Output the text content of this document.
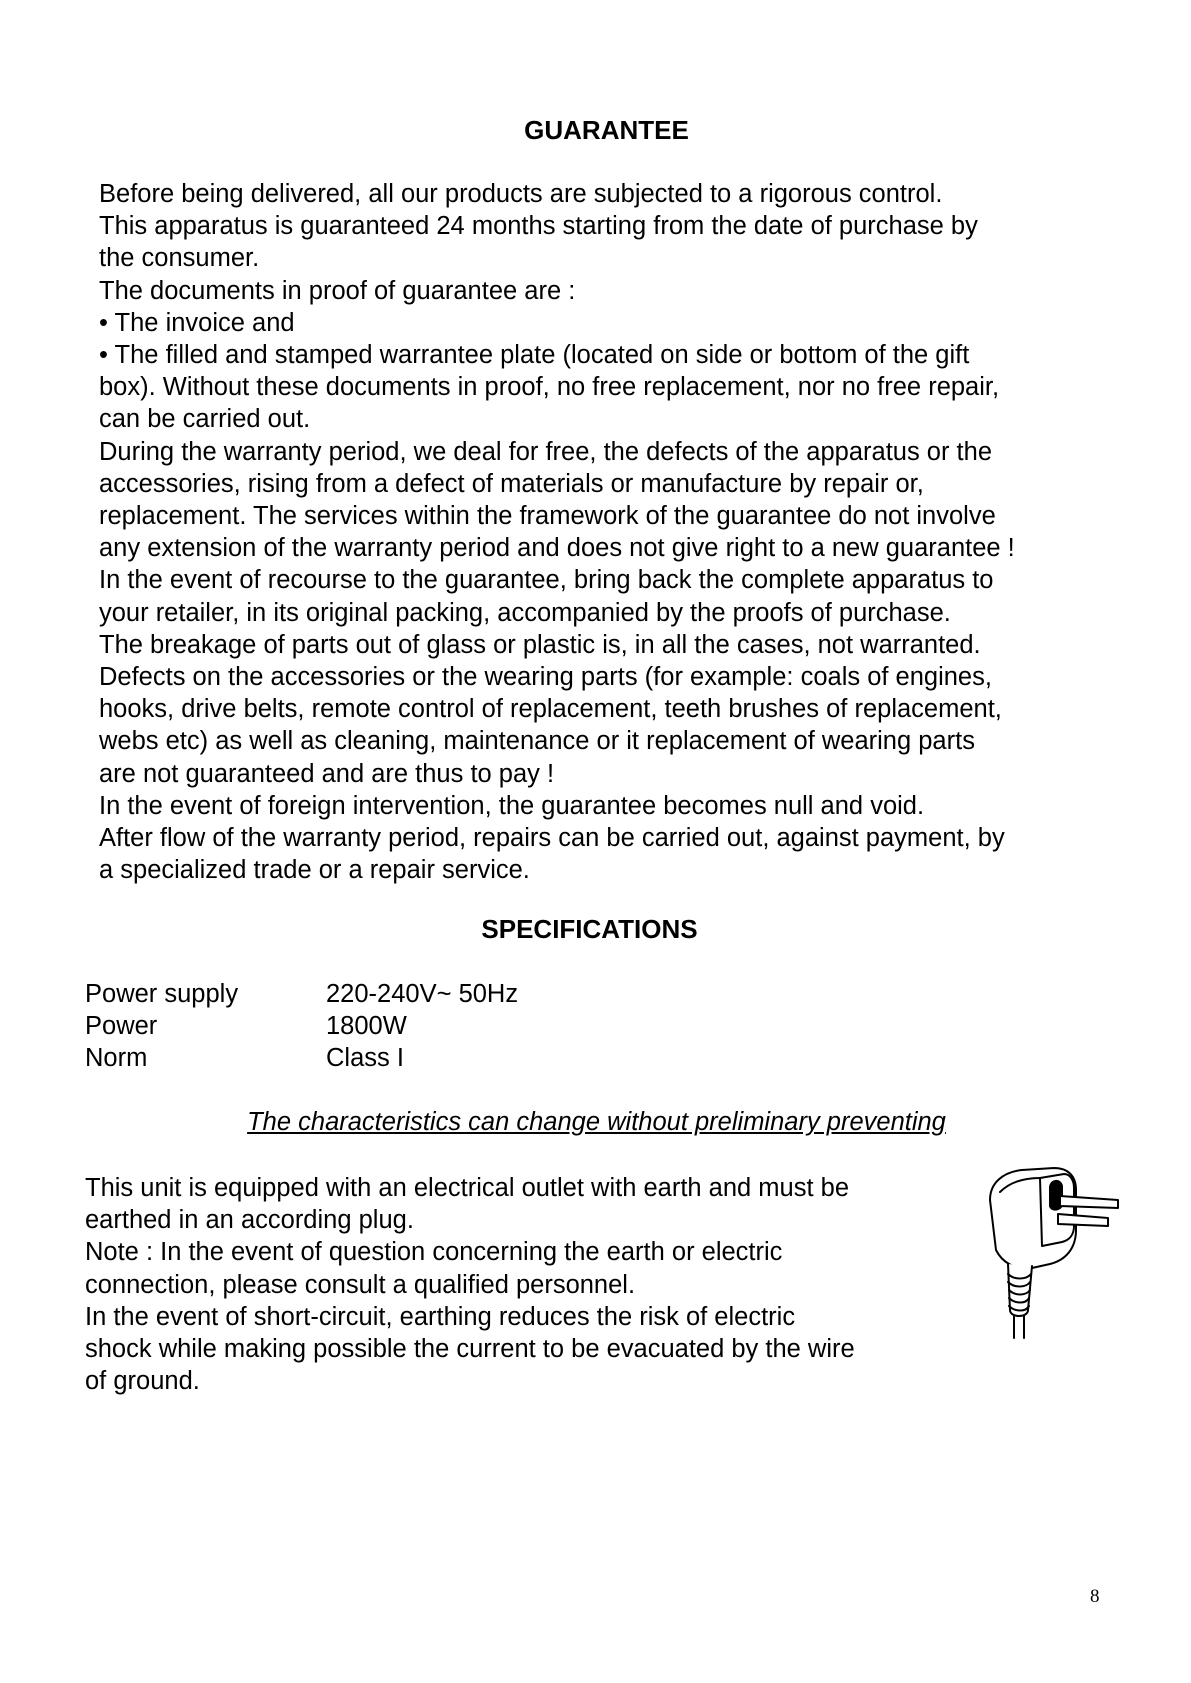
GUARANTEE

Before being delivered, all our products are subjected to a rigorous control.

This apparatus is guaranteed 24 months starting from the date of purchase by

the consumer.

The documents in proof of guarantee are :

• The invoice and

• The filled and stamped warrantee plate (located on side or bottom of the gift

box). Without these documents in proof, no free replacement, nor no free repair,

can be carried out.

During the warranty period, we deal for free, the defects of the apparatus or the

accessories, rising from a defect of materials or manufacture by repair or,

replacement. The services within the framework of the guarantee do not involve

any extension of the warranty period and does not give right to a new guarantee !

In the event of recourse to the guarantee, bring back the complete apparatus to

your retailer, in its original packing, accompanied by the proofs of purchase.

The breakage of parts out of glass or plastic is, in all the cases, not warranted.

Defects on the accessories or the wearing parts (for example: coals of engines,

hooks, drive belts, remote control of replacement, teeth brushes of replacement,

webs etc) as well as cleaning, maintenance or it replacement of wearing parts

are not guaranteed and are thus to pay !

In the event of foreign intervention, the guarantee becomes null and void.

After flow of the warranty period, repairs can be carried out, against payment, by

a specialized trade or a repair service.

SPECIFICATIONS
Power supply	220-240V~ 50Hz
Power	1800W
Norm	Class I
The characteristics can change without preliminary preventing

This unit is equipped with an electrical outlet with earth and must be

earthed in an according plug.

Note : In the event of question concerning the earth or electric

connection, please consult a qualified personnel.

In the event of short-circuit, earthing reduces the risk of electric

shock while making possible the current to be evacuated by the wire

of ground.

8
